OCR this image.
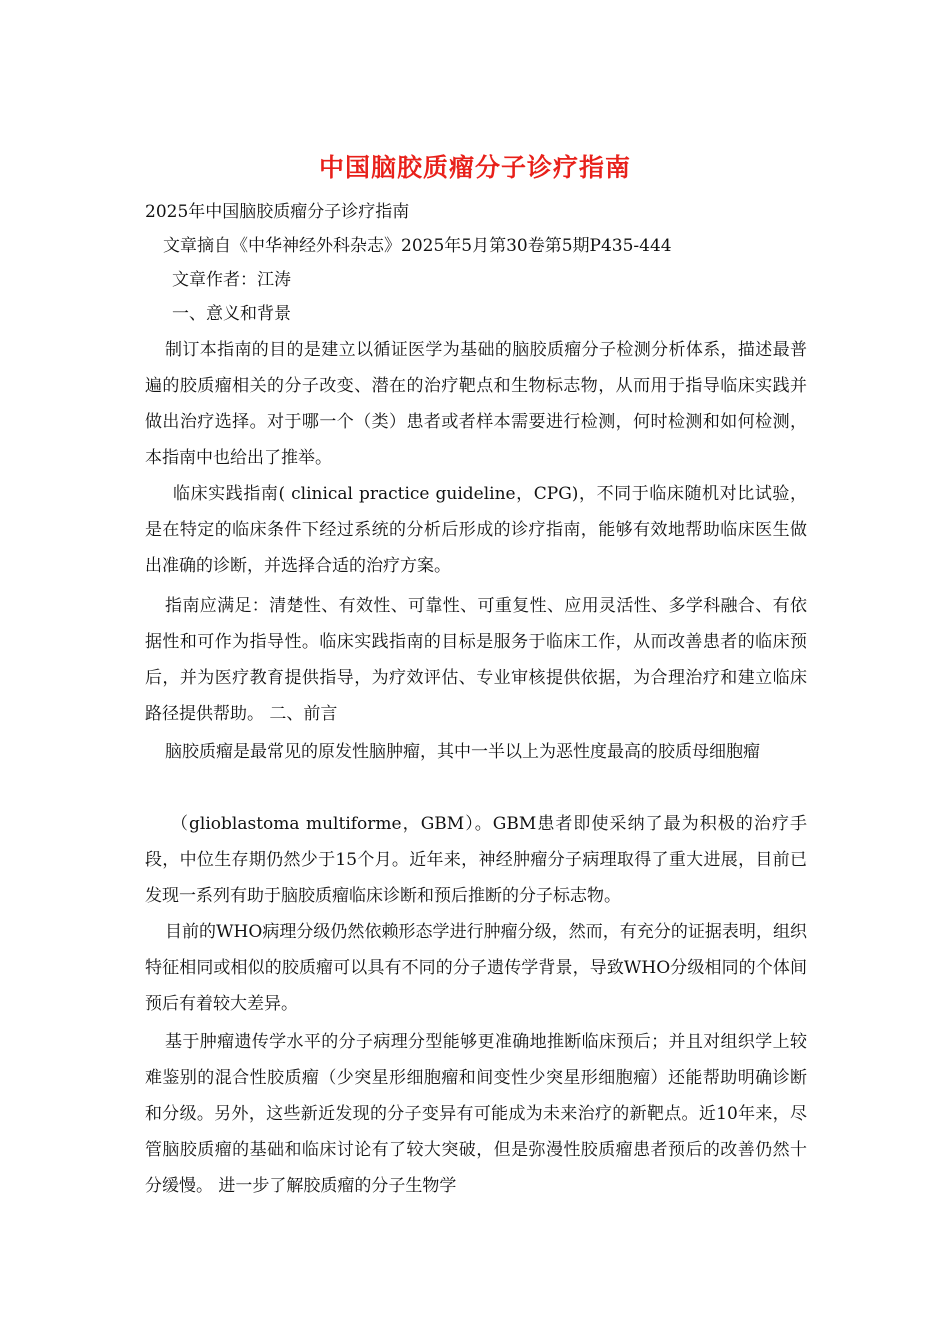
中国脑胶质瘤分子诊疗指南
2025年中国脑胶质瘤分子诊疗指南
文章摘自《中华神经外科杂志》2025年5月第30卷第5期P435-444
文章作者：江涛
一、意义和背景
制订本指南的目的是建立以循证医学为基础的脑胶质瘤分子检测分析体系，描述最普遍的胶质瘤相关的分子改变、潜在的治疗靶点和生物标志物，从而用于指导临床实践并做出治疗选择。对于哪一个（类）患者或者样本需要进行检测，何时检测和如何检测，本指南中也给出了推举。
临床实践指南( clinical practice guideline，CPG)，不同于临床随机对比试验，是在特定的临床条件下经过系统的分析后形成的诊疗指南，能够有效地帮助临床医生做出准确的诊断，并选择合适的治疗方案。
指南应满足：清楚性、有效性、可靠性、可重复性、应用灵活性、多学科融合、有依据性和可作为指导性。临床实践指南的目标是服务于临床工作，从而改善患者的临床预后，并为医疗教育提供指导，为疗效评估、专业审核提供依据，为合理治疗和建立临床路径提供帮助。 二、前言
脑胶质瘤是最常见的原发性脑肿瘤，其中一半以上为恶性度最高的胶质母细胞瘤
（glioblastoma multiforme，GBM）。GBM患者即使采纳了最为积极的治疗手段，中位生存期仍然少于15个月。近年来，神经肿瘤分子病理取得了重大进展，目前已发现一系列有助于脑胶质瘤临床诊断和预后推断的分子标志物。
目前的WHO病理分级仍然依赖形态学进行肿瘤分级，然而，有充分的证据表明，组织特征相同或相似的胶质瘤可以具有不同的分子遗传学背景，导致WHO分级相同的个体间预后有着较大差异。
基于肿瘤遗传学水平的分子病理分型能够更准确地推断临床预后；并且对组织学上较难鉴别的混合性胶质瘤（少突星形细胞瘤和间变性少突星形细胞瘤）还能帮助明确诊断和分级。另外，这些新近发现的分子变异有可能成为未来治疗的新靶点。近10年来，尽管脑胶质瘤的基础和临床讨论有了较大突破，但是弥漫性胶质瘤患者预后的改善仍然十分缓慢。 进一步了解胶质瘤的分子生物学
